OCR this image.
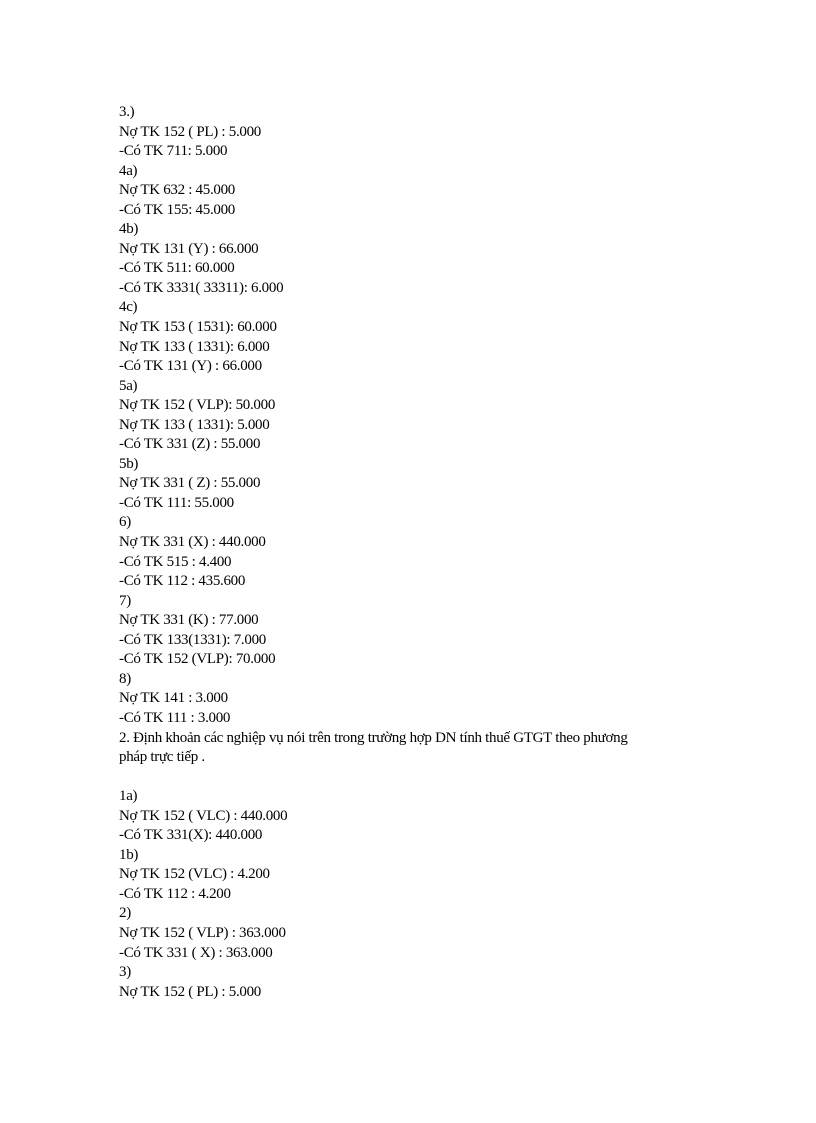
3.)
Nợ TK 152 ( PL) : 5.000
-Có TK 711: 5.000
4a)
Nợ TK 632 : 45.000
-Có TK 155: 45.000
4b)
Nợ TK 131 (Y) : 66.000
-Có TK 511: 60.000
-Có TK 3331( 33311): 6.000
4c)
Nợ TK 153 ( 1531): 60.000
Nợ TK 133 ( 1331): 6.000
-Có TK 131 (Y) : 66.000
5a)
Nợ TK 152 ( VLP): 50.000
Nợ TK 133 ( 1331): 5.000
-Có TK 331 (Z) : 55.000
5b)
Nợ TK 331 ( Z) : 55.000
-Có TK 111: 55.000
6)
Nợ TK 331 (X) : 440.000
-Có TK 515 : 4.400
-Có TK 112 : 435.600
7)
Nợ TK 331 (K) : 77.000
-Có TK 133(1331): 7.000
-Có TK 152 (VLP): 70.000
8)
Nợ TK 141 : 3.000
-Có TK 111 : 3.000
2. Định khoản các nghiệp vụ nói trên trong trường hợp DN tính thuế GTGT theo phương
pháp trực tiếp .
1a)
Nợ TK 152 ( VLC) : 440.000
-Có TK 331(X): 440.000
1b)
Nợ TK 152 (VLC) : 4.200
-Có TK 112 : 4.200
2)
Nợ TK 152 ( VLP) : 363.000
-Có TK 331 ( X) : 363.000
3)
Nợ TK 152 ( PL) : 5.000
